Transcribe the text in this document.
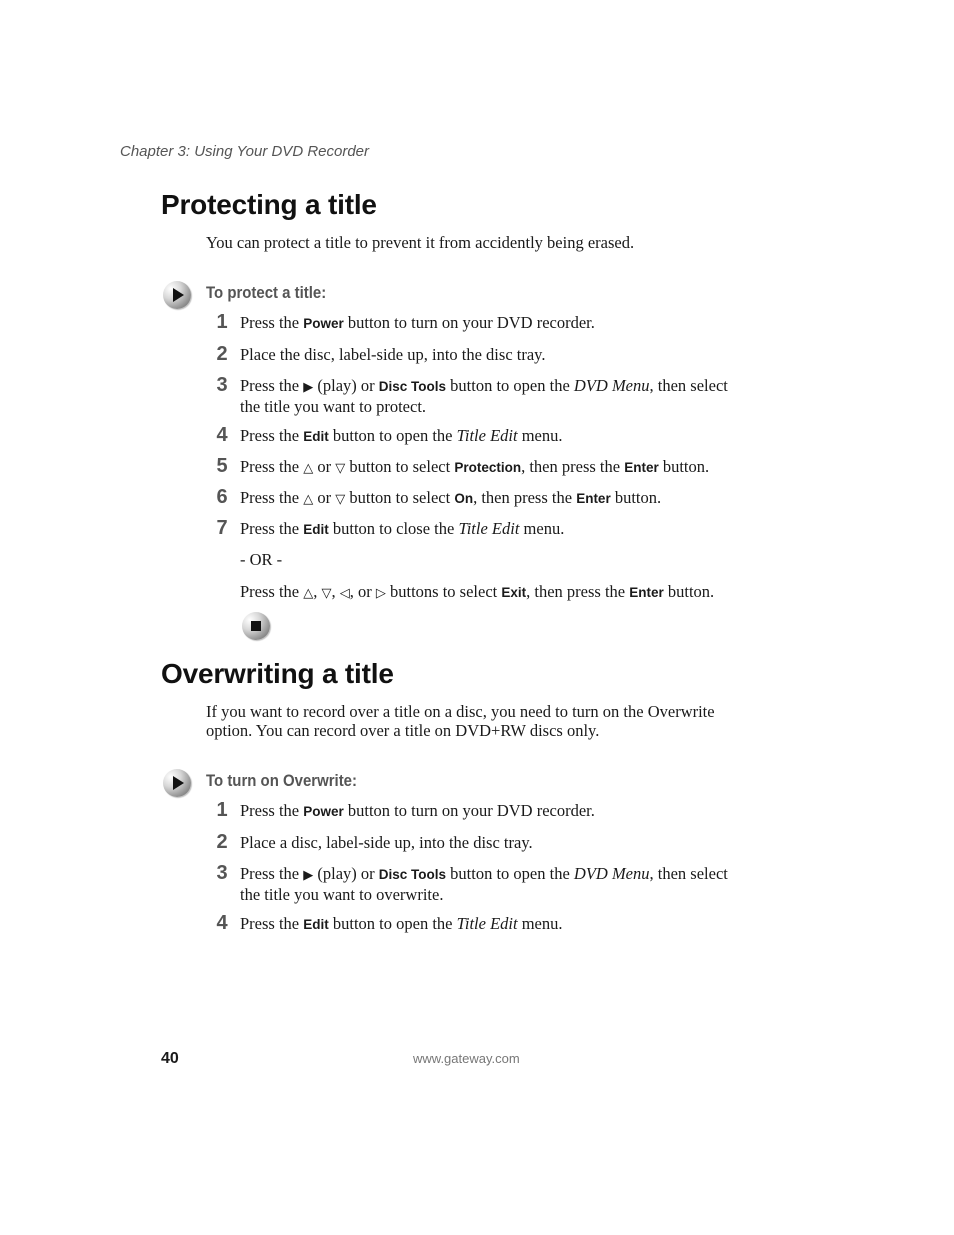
Chapter 3: Using Your DVD Recorder
Protecting a title
You can protect a title to prevent it from accidently being erased.
To protect a title:
1 Press the Power button to turn on your DVD recorder.
2 Place the disc, label-side up, into the disc tray.
3 Press the ▶ (play) or Disc Tools button to open the DVD Menu, then select
the title you want to protect.
4 Press the Edit button to open the Title Edit menu.
5 Press the △ or ▽ button to select Protection, then press the Enter button.
6 Press the △ or ▽ button to select On, then press the Enter button.
7 Press the Edit button to close the Title Edit menu.
- OR -
Press the △, ▽, ◁, or ▷ buttons to select Exit, then press the Enter button.
Overwriting a title
If you want to record over a title on a disc, you need to turn on the Overwrite
option. You can record over a title on DVD+RW discs only.
To turn on Overwrite:
1 Press the Power button to turn on your DVD recorder.
2 Place a disc, label-side up, into the disc tray.
3 Press the ▶ (play) or Disc Tools button to open the DVD Menu, then select
the title you want to overwrite.
4 Press the Edit button to open the Title Edit menu.
40	www.gateway.com
